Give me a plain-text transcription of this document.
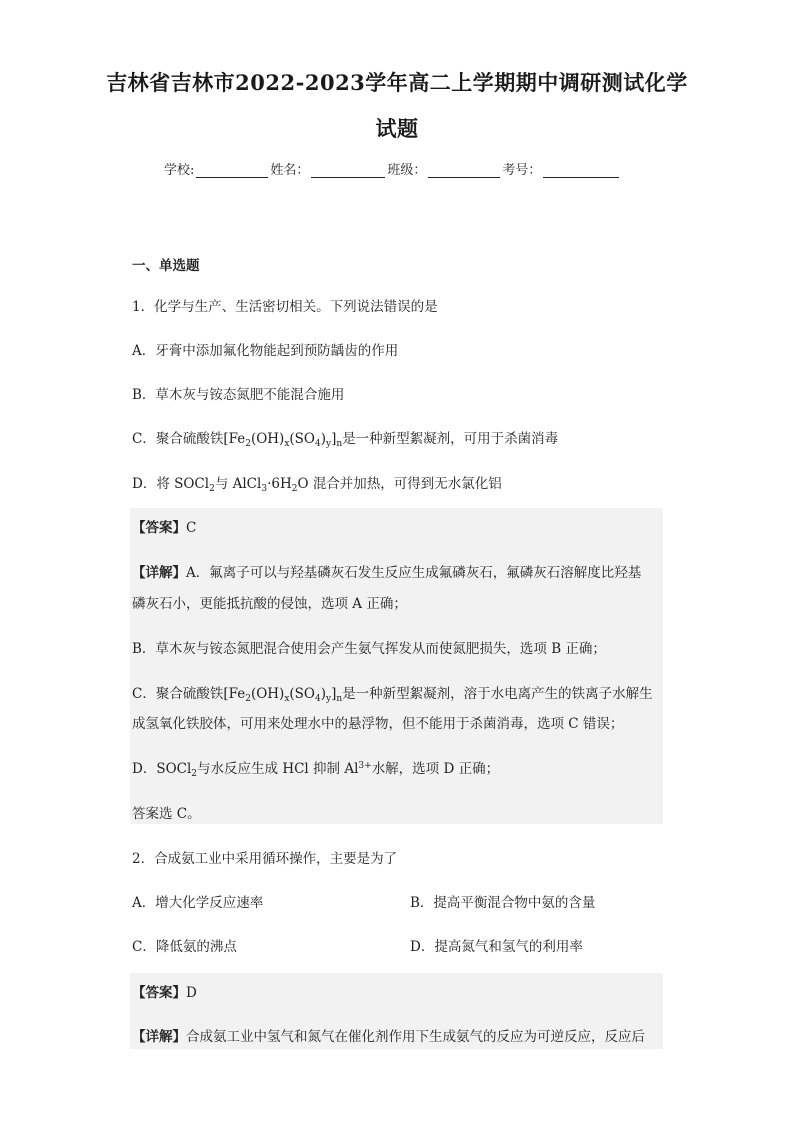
吉林省吉林市2022-2023学年高二上学期期中调研测试化学
试题
学校:	姓名：	班级：	考号：
一、单选题
1．化学与生产、生活密切相关。下列说法错误的是
A．牙膏中添加氟化物能起到预防龋齿的作用
B．草木灰与铵态氮肥不能混合施用
C．聚合硫酸铁$[Fe_2(OH)_x(SO_4)_y]_n$是一种新型絮凝剂，可用于杀菌消毒
D．将 SOCl$_2$与 $AlCl_3\cdot 6H_2O$ 混合并加热，可得到无水氯化铝
【答案】C
【详解】A．氟离子可以与羟基磷灰石发生反应生成氟磷灰石，氟磷灰石溶解度比羟基
磷灰石小，更能抵抗酸的侵蚀，选项 A 正确；
B．草木灰与铵态氮肥混合使用会产生氨气挥发从而使氮肥损失，选项 B 正确；
C．聚合硫酸铁$[Fe_2(OH)_x(SO_4)_y]_n$是一种新型絮凝剂，溶于水电离产生的铁离子水解生
成氢氧化铁胶体，可用来处理水中的悬浮物，但不能用于杀菌消毒，选项 C 错误；
D．SOCl$_2$与水反应生成 HCl 抑制 $Al^{3+}$水解，选项 D 正确；
答案选 C。
2．合成氨工业中采用循环操作，主要是为了
A．增大化学反应速率	B．提高平衡混合物中氨的含量
C．降低氨的沸点	D．提高氮气和氢气的利用率
【答案】D
【详解】合成氨工业中氢气和氮气在催化剂作用下生成氨气的反应为可逆反应，反应后
